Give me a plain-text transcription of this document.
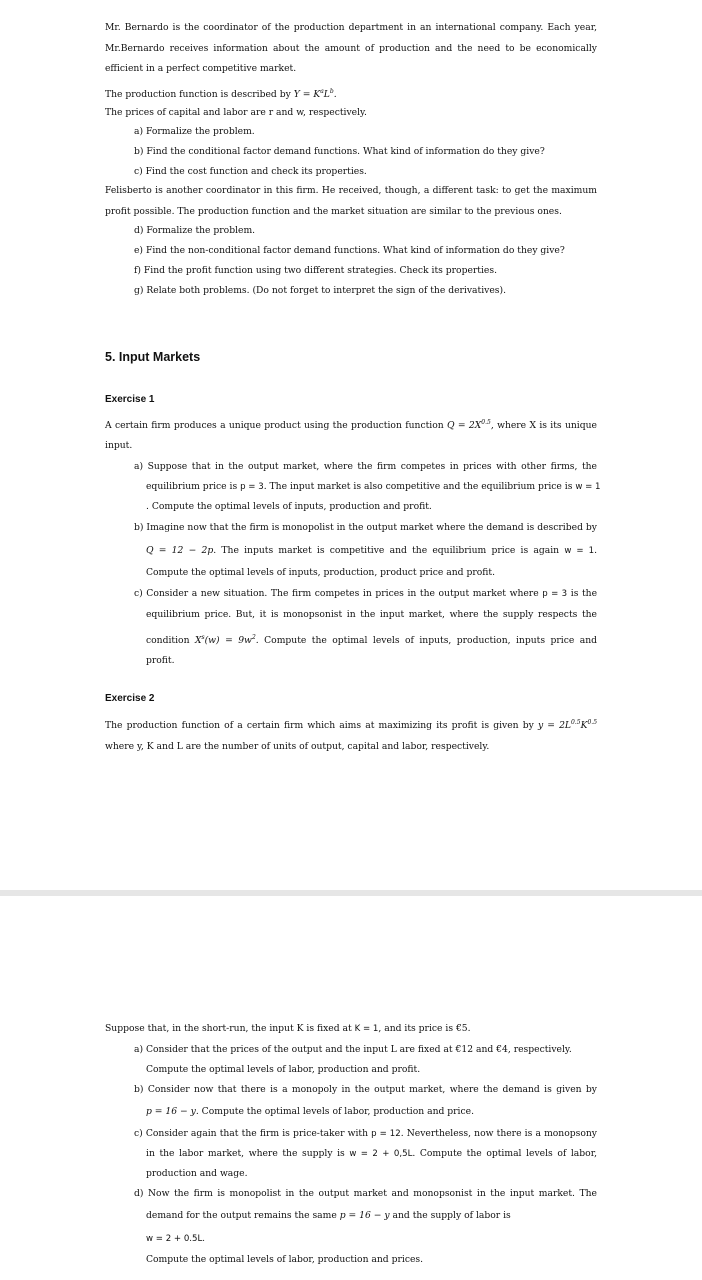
Mr. Bernardo is the coordinator of the production department in an international company. Each year,
Mr.Bernardo receives information about the amount of production and the need to be economically
efficient in a perfect competitive market.
The production function is described by $Y = K^aL^b$.
The prices of capital and labor are r and w, respectively.
a) Formalize the problem.
b) Find the conditional factor demand functions. What kind of information do they give?
c) Find the cost function and check its properties.
Felisberto is another coordinator in this firm. He received, though, a different task: to get the maximum
profit possible. The production function and the market situation are similar to the previous ones.
d) Formalize the problem.
e) Find the non-conditional factor demand functions. What kind of information do they give?
f) Find the profit function using two different strategies. Check its properties.
g) Relate both problems. (Do not forget to interpret the sign of the derivatives).
5. Input Markets
Exercise 1
A certain firm produces a unique product using the production function $Q = 2X^{0.5}$, where X is its unique
input.
a) Suppose that in the output market, where the firm competes in prices with other firms, the
equilibrium price is p = 3. The input market is also competitive and the equilibrium price is w = 1
. Compute the optimal levels of inputs, production and profit.
b) Imagine now that the firm is monopolist in the output market where the demand is described by
Q = 12 − 2p. The inputs market is competitive and the equilibrium price is again w = 1.
Compute the optimal levels of inputs, production, product price and profit.
c) Consider a new situation. The firm competes in prices in the output market where p = 3 is the
equilibrium price. But, it is monopsonist in the input market, where the supply respects the
condition $X^s(w) = 9w^2$. Compute the optimal levels of inputs, production, inputs price and
profit.
Exercise 2
The production function of a certain firm which aims at maximizing its profit is given by $y = 2L^{0.5}K^{0.5}$
where y, K and L are the number of units of output, capital and labor, respectively.
Suppose that, in the short-run, the input K is fixed at K = 1, and its price is €5.
a) Consider that the prices of the output and the input L are fixed at €12 and €4, respectively.
Compute the optimal levels of labor, production and profit.
b) Consider now that there is a monopoly in the output market, where the demand is given by
p = 16 − y. Compute the optimal levels of labor, production and price.
c) Consider again that the firm is price-taker with p = 12. Nevertheless, now there is a monopsony
in the labor market, where the supply is w = 2 + 0,5L. Compute the optimal levels of labor,
production and wage.
d) Now the firm is monopolist in the output market and monopsonist in the input market. The
demand for the output remains the same p = 16 − y and the supply of labor is
w = 2 + 0.5L.
Compute the optimal levels of labor, production and prices.
